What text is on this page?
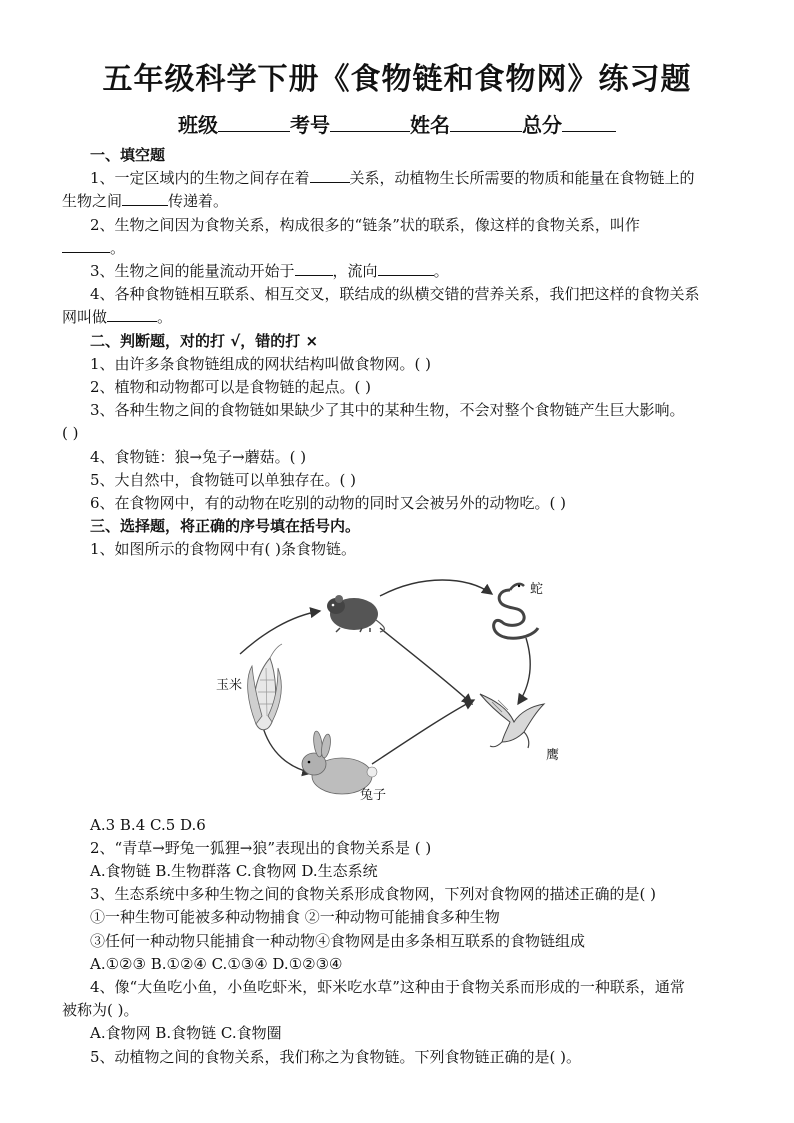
五年级科学下册《食物链和食物网》练习题
班级	考号	姓名	总分
一、填空题
1、一定区域内的生物之间存在着	关系，动植物生长所需要的物质和能量在食物链上的
生物之间	传递着。
2、生物之间因为食物关系，构成很多的“链条”状的联系，像这样的食物关系，叫作
。
3、生物之间的能量流动开始于	，流向	。
4、各种食物链相互联系、相互交叉，联结成的纵横交错的营养关系，我们把这样的食物关系
网叫做	。
二、判断题，对的打 √，错的打 ×
1、由许多条食物链组成的网状结构叫做食物网。( )
2、植物和动物都可以是食物链的起点。( )
3、各种生物之间的食物链如果缺少了其中的某种生物，不会对整个食物链产生巨大影响。
( )
4、食物链：狼→兔子→蘑菇。( )
5、大自然中，食物链可以单独存在。( )
6、在食物网中，有的动物在吃别的动物的同时又会被另外的动物吃。( )
三、选择题，将正确的序号填在括号内。
1、如图所示的食物网中有( )条食物链。
玉米
蛇
鹰
兔子
A.3 B.4 C.5 D.6
2、“青草→野兔一狐狸→狼”表现出的食物关系是 ( )
A.食物链 B.生物群落 C.食物网 D.生态系统
3、生态系统中多种生物之间的食物关系形成食物网，下列对食物网的描述正确的是( )
①一种生物可能被多种动物捕食 ②一种动物可能捕食多种生物
③任何一种动物只能捕食一种动物④食物网是由多条相互联系的食物链组成
A.①②③ B.①②④ C.①③④ D.①②③④
4、像“大鱼吃小鱼，小鱼吃虾米，虾米吃水草”这种由于食物关系而形成的一种联系，通常
被称为( )。
A.食物网 B.食物链 C.食物圈
5、动植物之间的食物关系，我们称之为食物链。下列食物链正确的是( )。
